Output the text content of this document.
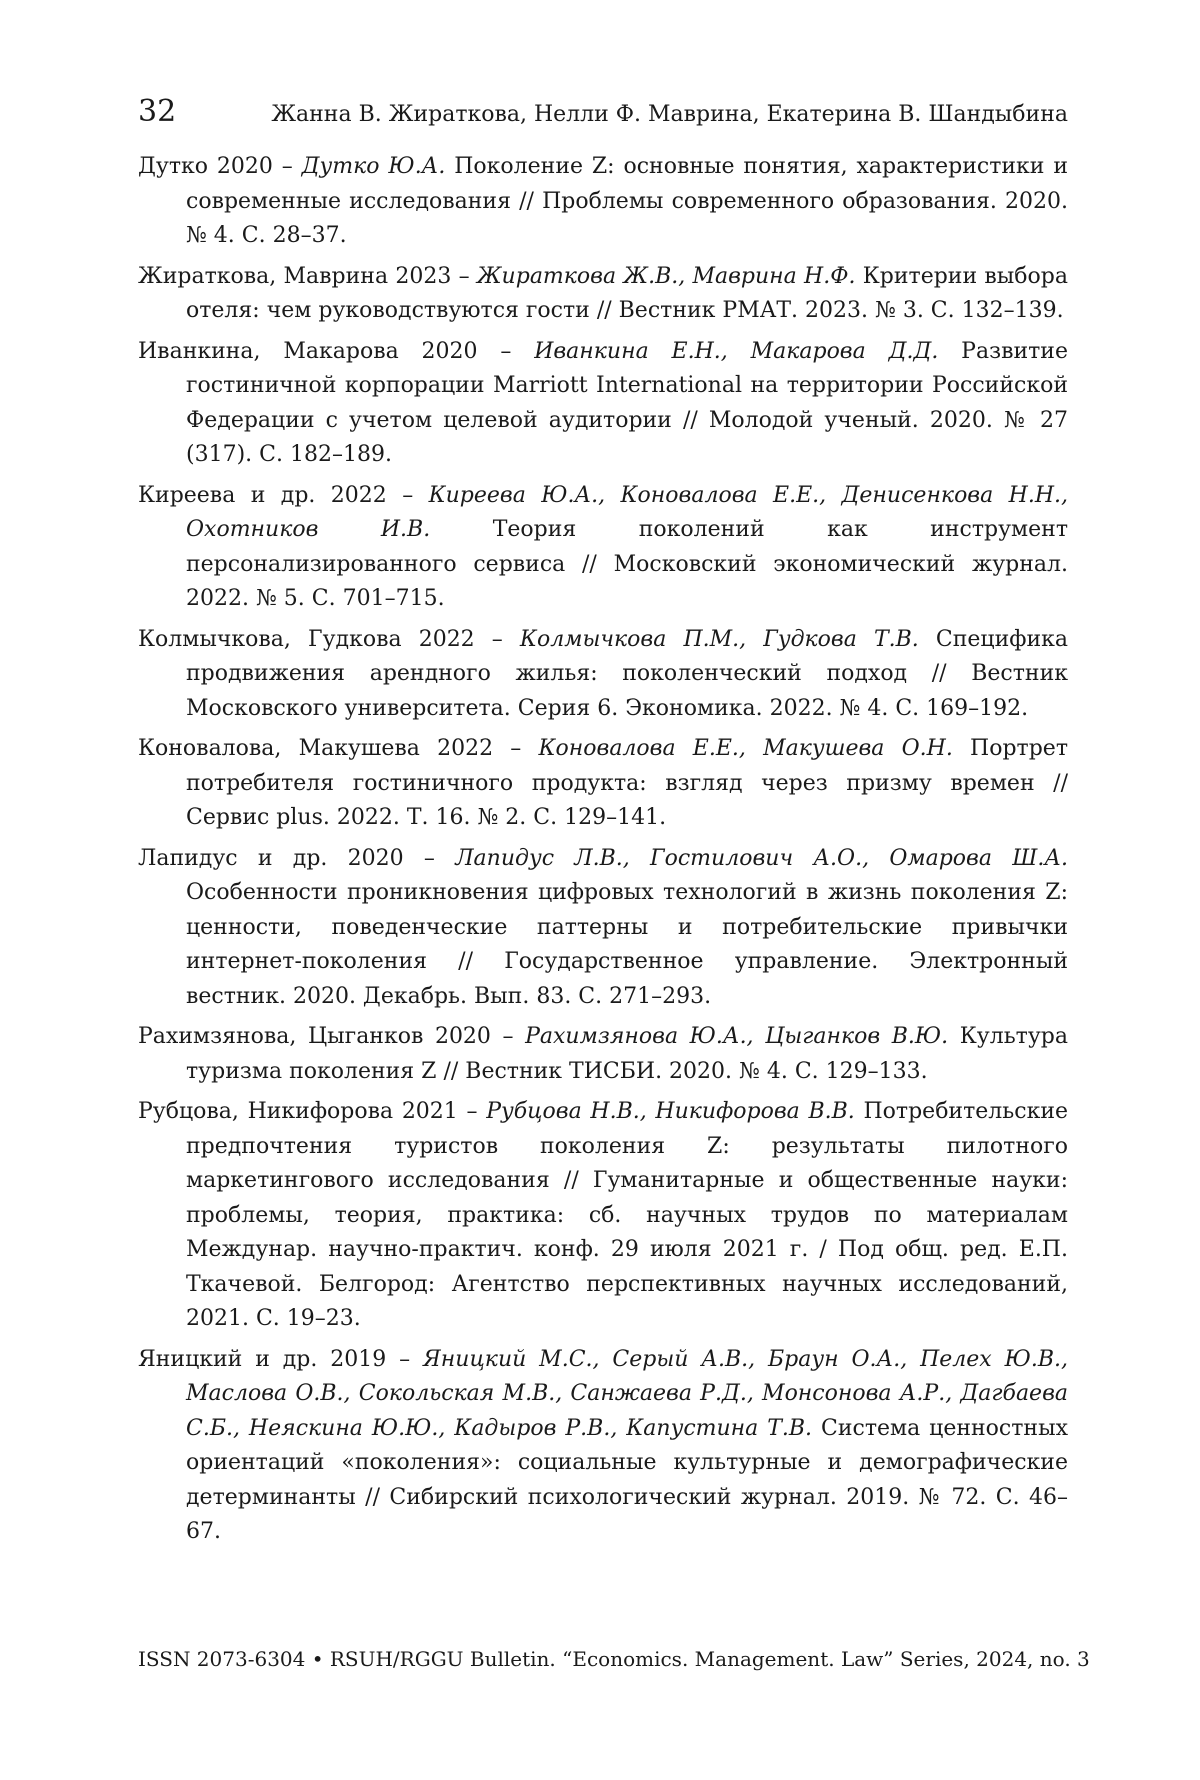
32	Жанна В. Жираткова, Нелли Ф. Маврина, Екатерина В. Шандыбина
Дутко 2020 – Дутко Ю.А. Поколение Z: основные понятия, характеристики и современные исследования // Проблемы современного образования. 2020. № 4. С. 28–37.
Жираткова, Маврина 2023 – Жираткова Ж.В., Маврина Н.Ф. Критерии выбора отеля: чем руководствуются гости // Вестник РМАТ. 2023. № 3. С. 132–139.
Иванкина, Макарова 2020 – Иванкина Е.Н., Макарова Д.Д. Развитие гостиничной корпорации Marriott International на территории Российской Федерации с учетом целевой аудитории // Молодой ученый. 2020. № 27 (317). С. 182–189.
Киреева и др. 2022 – Киреева Ю.А., Коновалова Е.Е., Денисенкова Н.Н., Охотников И.В. Теория поколений как инструмент персонализированного сервиса // Московский экономический журнал. 2022. № 5. С. 701–715.
Колмычкова, Гудкова 2022 – Колмычкова П.М., Гудкова Т.В. Специфика продвижения арендного жилья: поколенческий подход // Вестник Московского университета. Серия 6. Экономика. 2022. № 4. С. 169–192.
Коновалова, Макушева 2022 – Коновалова Е.Е., Макушева О.Н. Портрет потребителя гостиничного продукта: взгляд через призму времен // Сервис plus. 2022. Т. 16. № 2. С. 129–141.
Лапидус и др. 2020 – Лапидус Л.В., Гостилович А.О., Омарова Ш.А. Особенности проникновения цифровых технологий в жизнь поколения Z: ценности, поведенческие паттерны и потребительские привычки интернет-поколения // Государственное управление. Электронный вестник. 2020. Декабрь. Вып. 83. С. 271–293.
Рахимзянова, Цыганков 2020 – Рахимзянова Ю.А., Цыганков В.Ю. Культура туризма поколения Z // Вестник ТИСБИ. 2020. № 4. С. 129–133.
Рубцова, Никифорова 2021 – Рубцова Н.В., Никифорова В.В. Потребительские предпочтения туристов поколения Z: результаты пилотного маркетингового исследования // Гуманитарные и общественные науки: проблемы, теория, практика: сб. научных трудов по материалам Междунар. научно-практич. конф. 29 июля 2021 г. / Под общ. ред. Е.П. Ткачевой. Белгород: Агентство перспективных научных исследований, 2021. С. 19–23.
Яницкий и др. 2019 – Яницкий М.С., Серый А.В., Браун О.А., Пелех Ю.В., Маслова О.В., Сокольская М.В., Санжаева Р.Д., Монсонова А.Р., Дагбаева С.Б., Неяскина Ю.Ю., Кадыров Р.В., Капустина Т.В. Система ценностных ориентаций «поколения»: социальные культурные и демографические детерминанты // Сибирский психологический журнал. 2019. № 72. С. 46–67.
ISSN 2073-6304 • RSUH/RGGU Bulletin. “Economics. Management. Law” Series, 2024, no. 3
